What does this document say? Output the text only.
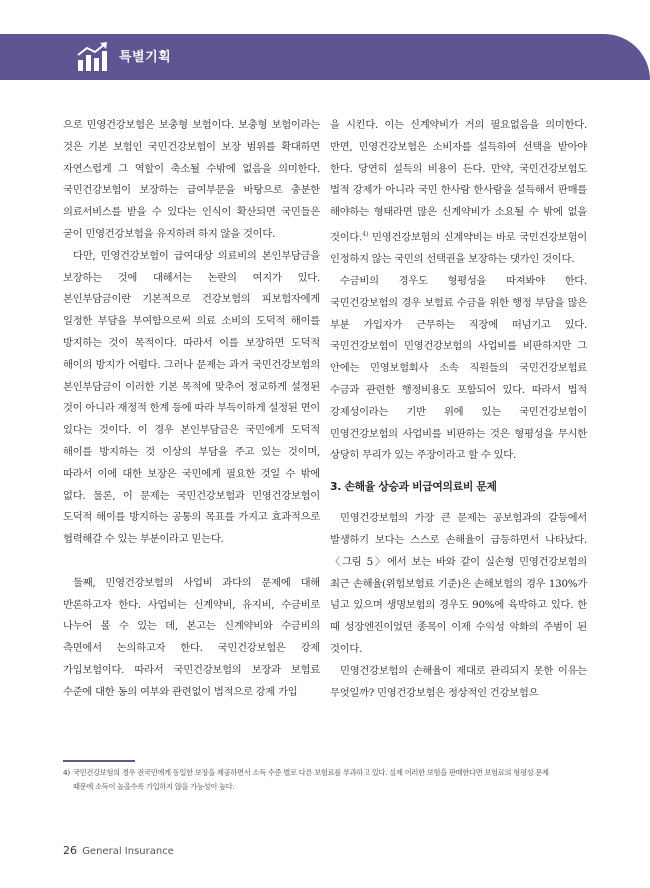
특별기획

으로 민영건강보험은 보충형 보험이다. 보충형 보험이라는 것은 기본 보험인 국민건강보험이 보장 범위를 확대하면 자연스럽게 그 역할이 축소될 수밖에 없음을 의미한다. 국민건강보험이 보장하는 급여부문을 바탕으로 충분한 의료서비스를 받을 수 있다는 인식이 확산되면 국민들은 굳이 민영건강보험을 유지하려 하지 않을 것이다.

다만, 민영건강보험이 급여대상 의료비의 본인부담금을 보장하는 것에 대해서는 논란의 여지가 있다. 본인부담금이란 기본적으로 건강보험의 피보험자에게 일정한 부담을 부여함으로써 의료 소비의 도덕적 해이를 방지하는 것이 목적이다. 따라서 이를 보장하면 도덕적 해이의 방지가 어렵다. 그러나 문제는 과거 국민건강보험의 본인부담금이 이러한 기본 목적에 맞추어 정교하게 설정된 것이 아니라 재정적 한계 등에 따라 부득이하게 설정된 면이 있다는 것이다. 이 경우 본인부담금은 국민에게 도덕적 해이를 방지하는 것 이상의 부담을 주고 있는 것이며, 따라서 이에 대한 보장은 국민에게 필요한 것일 수 밖에 없다. 물론, 이 문제는 국민건강보험과 민영건강보험이 도덕적 해이를 방지하는 공통의 목표를 가지고 효과적으로 협력해갈 수 있는 부분이라고 믿는다.

둘째, 민영건강보험의 사업비 과다의 문제에 대해 반론하고자 한다. 사업비는 신계약비, 유지비, 수금비로 나누어 볼 수 있는 데, 본고는 신계약비와 수금비의 측면에서 논의하고자 한다. 국민건강보험은 강제 가입보험이다. 따라서 국민건강보험의 보장과 보험료 수준에 대한 동의 여부와 관련없이 법적으로 강제 가입

을 시킨다. 이는 신계약비가 거의 필요없음을 의미한다. 반면, 민영건강보험은 소비자를 설득하여 선택을 받아야 한다. 당연히 설득의 비용이 든다. 만약, 국민건강보험도 법적 강제가 아니라 국민 한사람 한사람을 설득해서 판매를 해야하는 형태라면 많은 신계약비가 소요될 수 밖에 없을 것이다.$^{4)}$ 민영건강보험의 신계약비는 바로 국민건강보험이 인정하지 않는 국민의 선택권을 보장하는 댓가인 것이다.

수금비의 경우도 형평성을 따져봐야 한다. 국민건강보험의 경우 보험료 수금을 위한 행정 부담을 많은 부분 가입자가 근무하는 직장에 떠넘기고 있다. 국민건강보험이 민영건강보험의 사업비를 비판하지만 그 안에는 민영보험회사 소속 직원들의 국민건강보험료 수금과 관련한 행정비용도 포함되어 있다. 따라서 법적 강제성이라는 기반 위에 있는 국민건강보험이 민영건강보험의 사업비를 비판하는 것은 형평성을 무시한 상당히 무리가 있는 주장이라고 할 수 있다.

3. 손해율 상승과 비급여의료비 문제

민영건강보험의 가장 큰 문제는 공보험과의 갈등에서 발생하기 보다는 스스로 손해율이 급등하면서 나타났다. 〈그림 5〉에서 보는 바와 같이 실손형 민영건강보험의 최근 손해율(위험보험료 기준)은 손해보험의 경우 130%가 넘고 있으며 생명보험의 경우도 90%에 육박하고 있다. 한 때 성장엔진이었던 종목이 이제 수익성 악화의 주범이 된 것이다.

민영건강보험의 손해율이 제대로 관리되지 못한 이유는 무엇일까? 민영건강보험은 정상적인 건강보험으

4) 국민건강보험의 경우 전국민에게 동일한 보장을 제공하면서 소득 수준 별로 다른 보험료를 부과하고 있다. 실제 이러한 보험을 판매한다면 보험료의 형평성 문제
때문에 소득이 높을수록 가입하지 않을 가능성이 높다.
26 General Insurance
